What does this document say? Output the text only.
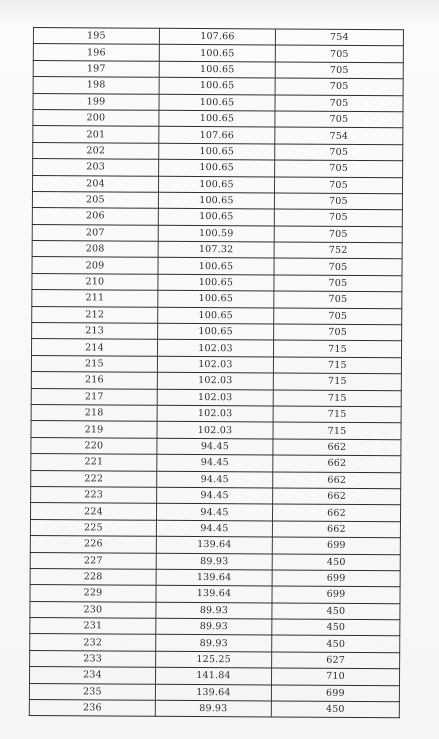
195	107.66	754
196	100.65	705
197	100.65	705
198	100.65	705
199	100.65	705
200	100.65	705
201	107.66	754
202	100.65	705
203	100.65	705
204	100.65	705
205	100.65	705
206	100.65	705
207	100.59	705
208	107.32	752
209	100.65	705
210	100.65	705
211	100.65	705
212	100.65	705
213	100.65	705
214	102.03	715
215	102.03	715
216	102.03	715
217	102.03	715
218	102.03	715
219	102.03	715
220	94.45	662
221	94.45	662
222	94.45	662
223	94.45	662
224	94.45	662
225	94.45	662
226	139.64	699
227	89.93	450
228	139.64	699
229	139.64	699
230	89.93	450
231	89.93	450
232	89.93	450
233	125.25	627
234	141.84	710
235	139.64	699
236	89.93	450
